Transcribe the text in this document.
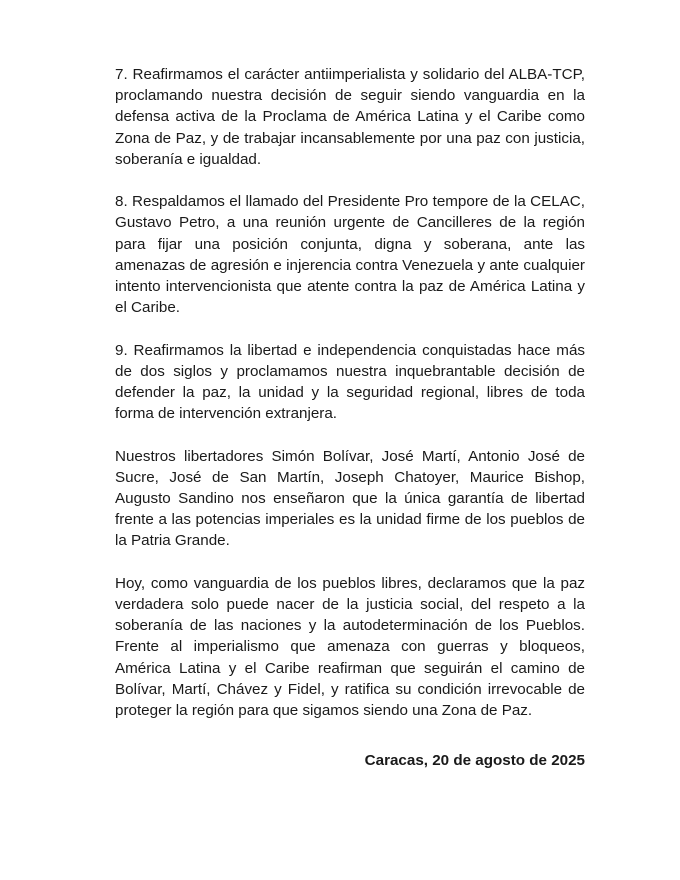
7. Reafirmamos el carácter antiimperialista y solidario del ALBA-TCP,
proclamando nuestra decisión de seguir siendo vanguardia en la
defensa activa de la Proclama de América Latina y el Caribe como
Zona de Paz, y de trabajar incansablemente por una paz con justicia,
soberanía e igualdad.

8. Respaldamos el llamado del Presidente Pro tempore de la CELAC,
Gustavo Petro, a una reunión urgente de Cancilleres de la región
para fijar una posición conjunta, digna y soberana, ante las
amenazas de agresión e injerencia contra Venezuela y ante cualquier
intento intervencionista que atente contra la paz de América Latina y
el Caribe.

9. Reafirmamos la libertad e independencia conquistadas hace más
de dos siglos y proclamamos nuestra inquebrantable decisión de
defender la paz, la unidad y la seguridad regional, libres de toda
forma de intervención extranjera.

Nuestros libertadores Simón Bolívar, José Martí, Antonio José de
Sucre, José de San Martín, Joseph Chatoyer, Maurice Bishop,
Augusto Sandino nos enseñaron que la única garantía de libertad
frente a las potencias imperiales es la unidad firme de los pueblos de
la Patria Grande.

Hoy, como vanguardia de los pueblos libres, declaramos que la paz
verdadera solo puede nacer de la justicia social, del respeto a la
soberanía de las naciones y la autodeterminación de los Pueblos.
Frente al imperialismo que amenaza con guerras y bloqueos,
América Latina y el Caribe reafirman que seguirán el camino de
Bolívar, Martí, Chávez y Fidel, y ratifica su condición irrevocable de
proteger la región para que sigamos siendo una Zona de Paz.

Caracas, 20 de agosto de 2025
